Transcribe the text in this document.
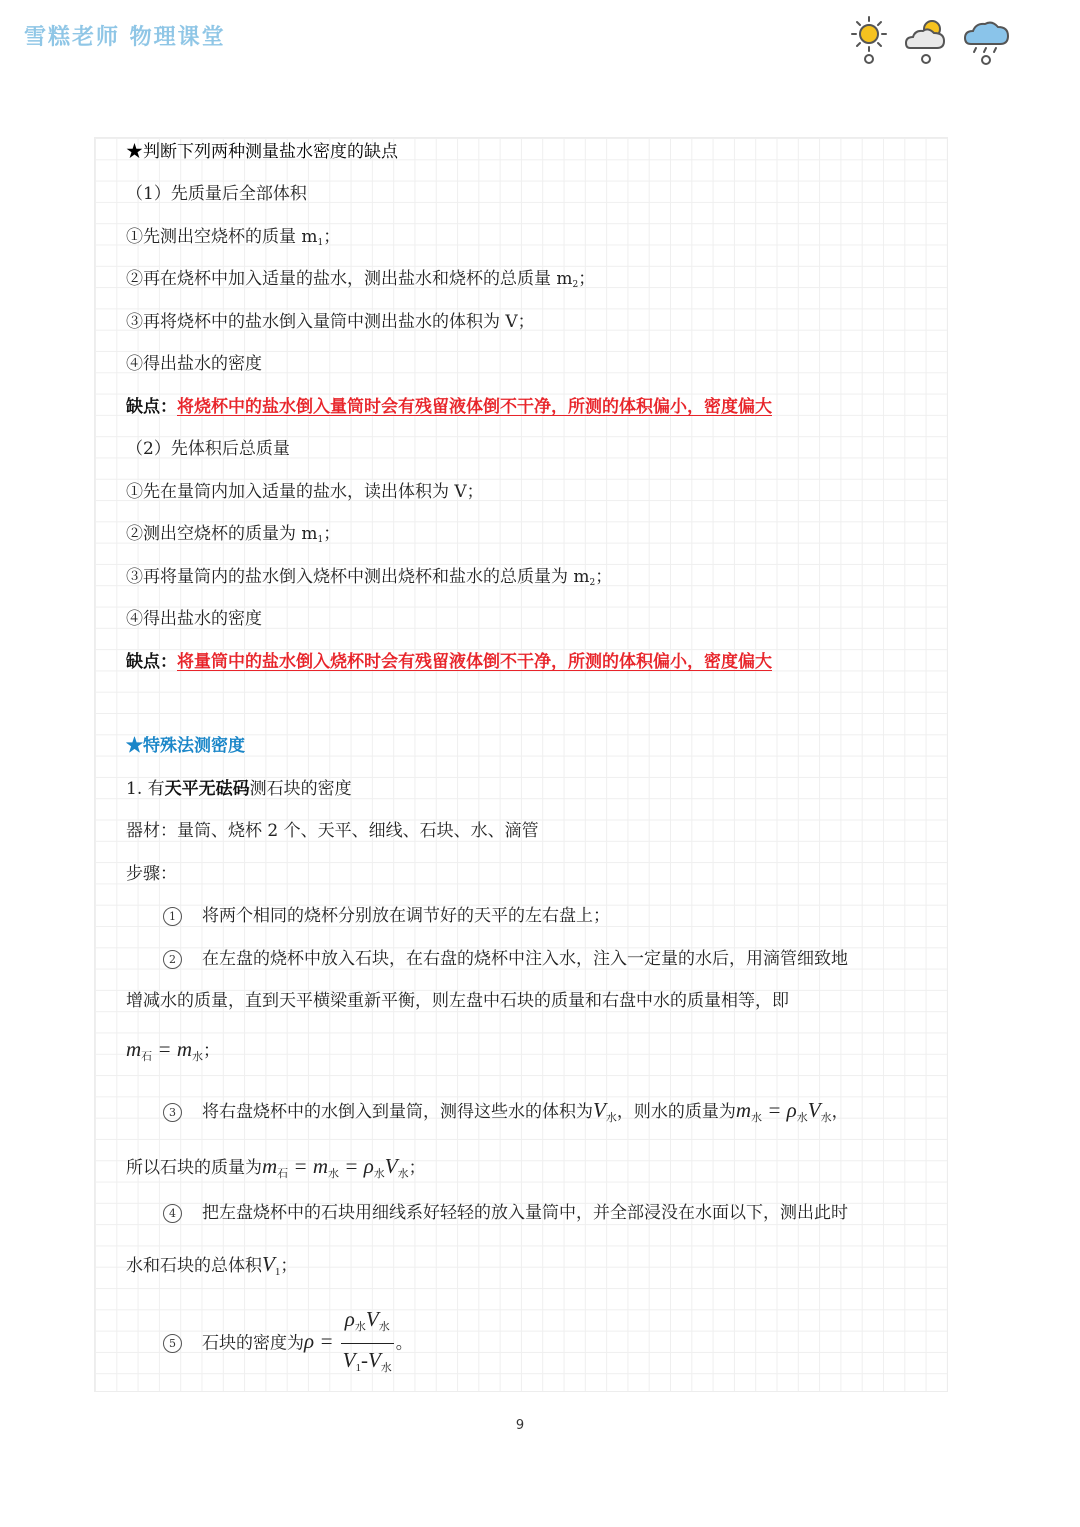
雪糕老师 物理课堂
★判断下列两种测量盐水密度的缺点
（1）先质量后全部体积
①先测出空烧杯的质量 $m_1$；
②再在烧杯中加入适量的盐水，测出盐水和烧杯的总质量 $m_2$；
③再将烧杯中的盐水倒入量筒中测出盐水的体积为 V；
④得出盐水的密度
缺点：将烧杯中的盐水倒入量筒时会有残留液体倒不干净，所测的体积偏小，密度偏大
（2）先体积后总质量
①先在量筒内加入适量的盐水，读出体积为 V；
②测出空烧杯的质量为 $m_1$；
③再将量筒内的盐水倒入烧杯中测出烧杯和盐水的总质量为 $m_2$；
④得出盐水的密度
缺点：将量筒中的盐水倒入烧杯时会有残留液体倒不干净，所测的体积偏小，密度偏大
★特殊法测密度
1. 有天平无砝码测石块的密度
器材：量筒、烧杯 2 个、天平、细线、石块、水、滴管
步骤：
1 将两个相同的烧杯分别放在调节好的天平的左右盘上；
2 在左盘的烧杯中放入石块，在右盘的烧杯中注入水，注入一定量的水后，用滴管细致地
增减水的质量，直到天平横梁重新平衡，则左盘中石块的质量和右盘中水的质量相等，即
m石 = m水；
3 将右盘烧杯中的水倒入到量筒，测得这些水的体积为V水，则水的质量为m水 = ρ水V水，
所以石块的质量为m石 = m水 = ρ水V水；
4 把左盘烧杯中的石块用细线系好轻轻的放入量筒中，并全部浸没在水面以下，测出此时
水和石块的总体积V1；
5 石块的密度为$\rho = \frac{\text{ρ水V水}}{\text{V1-V水}}$ 。
9
